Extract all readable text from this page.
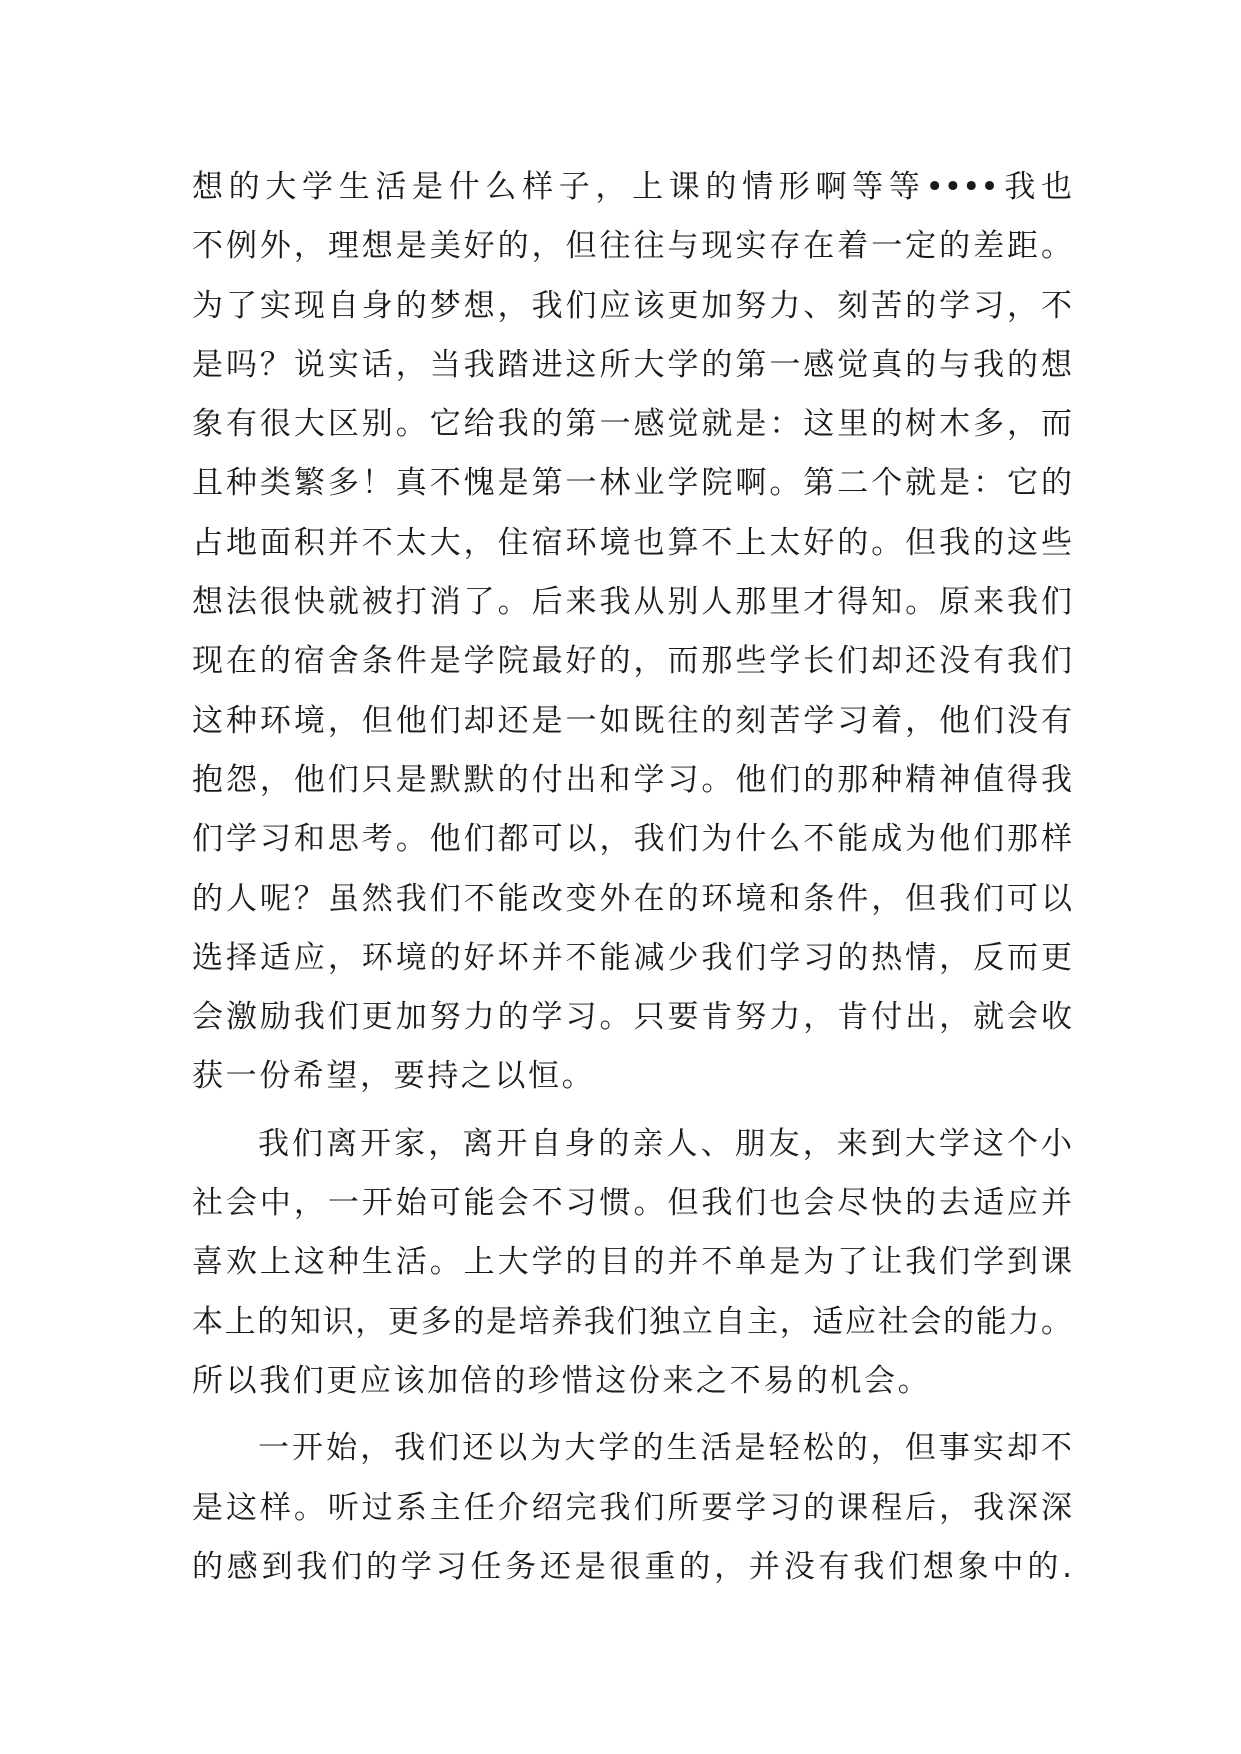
想的大学生活是什么样子，上课的情形啊等等••••我也
不例外，理想是美好的，但往往与现实存在着一定的差距。
为了实现自身的梦想，我们应该更加努力、刻苦的学习，不
是吗？说实话，当我踏进这所大学的第一感觉真的与我的想
象有很大区别。它给我的第一感觉就是：这里的树木多，而
且种类繁多！真不愧是第一林业学院啊。第二个就是：它的
占地面积并不太大，住宿环境也算不上太好的。但我的这些
想法很快就被打消了。后来我从别人那里才得知。原来我们
现在的宿舍条件是学院最好的，而那些学长们却还没有我们
这种环境，但他们却还是一如既往的刻苦学习着，他们没有
抱怨，他们只是默默的付出和学习。他们的那种精神值得我
们学习和思考。他们都可以，我们为什么不能成为他们那样
的人呢？虽然我们不能改变外在的环境和条件，但我们可以
选择适应，环境的好坏并不能减少我们学习的热情，反而更
会激励我们更加努力的学习。只要肯努力，肯付出，就会收
获一份希望，要持之以恒。
我们离开家，离开自身的亲人、朋友，来到大学这个小
社会中，一开始可能会不习惯。但我们也会尽快的去适应并
喜欢上这种生活。上大学的目的并不单是为了让我们学到课
本上的知识，更多的是培养我们独立自主，适应社会的能力。
所以我们更应该加倍的珍惜这份来之不易的机会。
一开始，我们还以为大学的生活是轻松的，但事实却不
是这样。听过系主任介绍完我们所要学习的课程后，我深深
的感到我们的学习任务还是很重的，并没有我们想象中的.
